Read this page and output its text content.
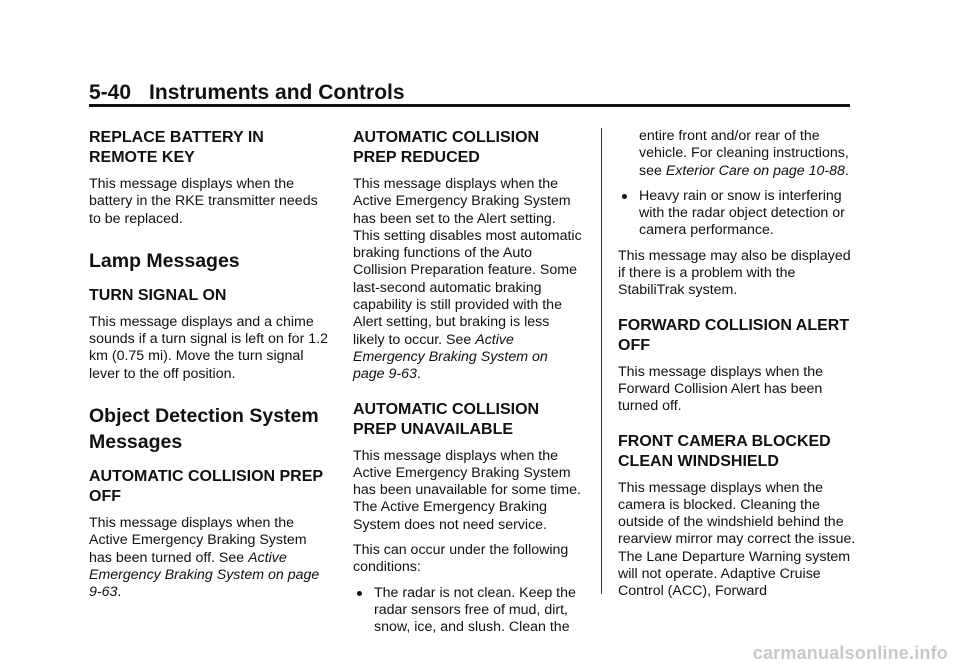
5-40 Instruments and Controls
REPLACE BATTERY IN REMOTE KEY

This message displays when the battery in the RKE transmitter needs to be replaced.

Lamp Messages
TURN SIGNAL ON

This message displays and a chime sounds if a turn signal is left on for 1.2 km (0.75 mi). Move the turn signal lever to the off position.

Object Detection System Messages
AUTOMATIC COLLISION PREP OFF

This message displays when the Active Emergency Braking System has been turned off. See Active Emergency Braking System on page 9-63.

AUTOMATIC COLLISION PREP REDUCED

This message displays when the Active Emergency Braking System has been set to the Alert setting. This setting disables most automatic braking functions of the Auto Collision Preparation feature. Some last-second automatic braking capability is still provided with the Alert setting, but braking is less likely to occur. See Active Emergency Braking System on page 9-63.

AUTOMATIC COLLISION PREP UNAVAILABLE

This message displays when the Active Emergency Braking System has been unavailable for some time. The Active Emergency Braking System does not need service.

This can occur under the following conditions:

The radar is not clean. Keep the radar sensors free of mud, dirt, snow, ice, and slush. Clean the

entire front and/or rear of the vehicle. For cleaning instructions, see Exterior Care on page 10-88.

Heavy rain or snow is interfering with the radar object detection or camera performance.

This message may also be displayed if there is a problem with the StabiliTrak system.

FORWARD COLLISION ALERT OFF

This message displays when the Forward Collision Alert has been turned off.

FRONT CAMERA BLOCKED CLEAN WINDSHIELD

This message displays when the camera is blocked. Cleaning the outside of the windshield behind the rearview mirror may correct the issue. The Lane Departure Warning system will not operate. Adaptive Cruise Control (ACC), Forward

carmanualsonline.info
